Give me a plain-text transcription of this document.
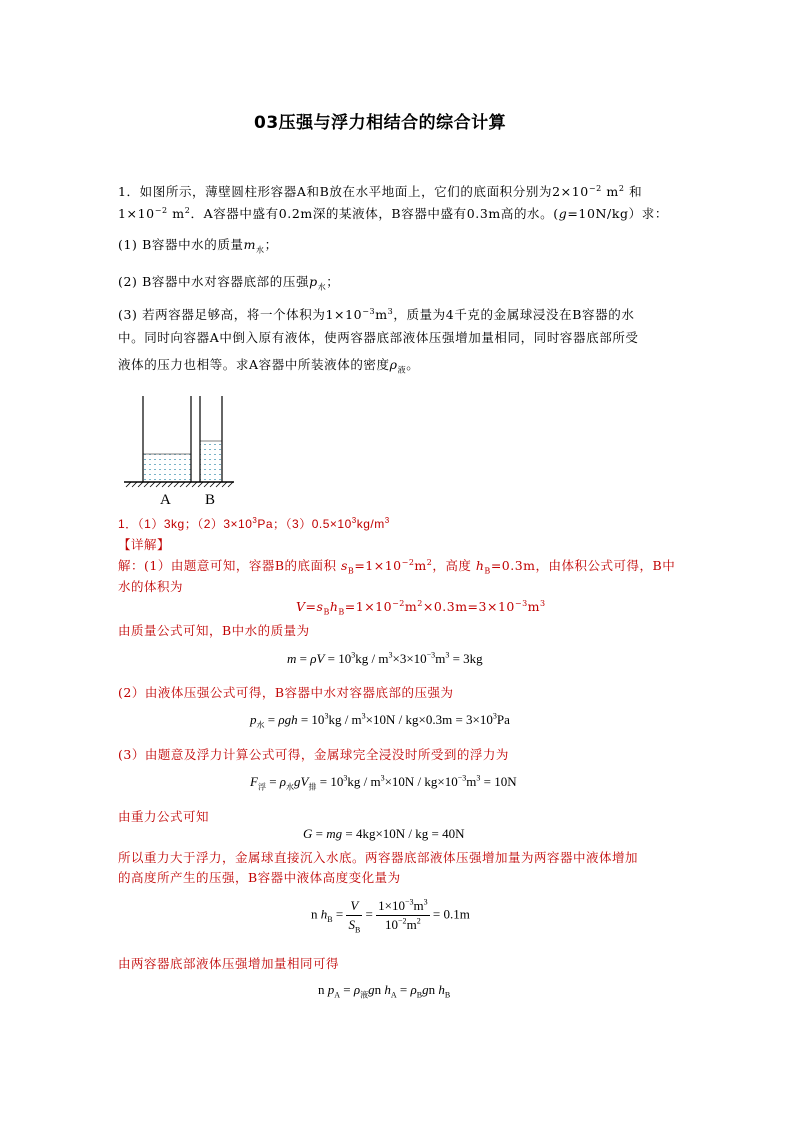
03压强与浮力相结合的综合计算
1．如图所示，薄壁圆柱形容器A和B放在水平地面上，它们的底面积分别为$2\times 10^{-2}$ $m^2$ 和
$1\times 10^{-2}$ $m^2$．A容器中盛有0.2m深的某液体，B容器中盛有0.3m高的水。(g=10N/kg）求：
(1) B容器中水的质量$m_水$；
(2) B容器中水对容器底部的压强$p_水$；
(3) 若两容器足够高，将一个体积为$1\times 10^{-3}m^3$，质量为4千克的金属球浸没在B容器的水
中。同时向容器A中倒入原有液体，使两容器底部液体压强增加量相同，同时容器底部所受
液体的压力也相等。求A容器中所装液体的密度$\rho_液$。
A B
1．（1）3kg；$(2)3\times 10^3Pa$；$(3)0.5\times 10^3kg/m^3$
【详解】
解：(1）由题意可知，容器B的底面积 $s_B=1\times 10^{-2}m^2$，高度 $h_B=0.3m$，由体积公式可得，B中
水的体积为
$V=s_Bh_B=1\times 10^{-2}m^2\times 0.3m=3\times 10^{-3}m^3$
由质量公式可知，B中水的质量为
$m = \rho V = 10^3kg / m^3\times 3\times 10^{-3}m^3 = 3kg$
(2）由液体压强公式可得，B容器中水对容器底部的压强为
$p_水 = \rho gh = 10^3kg / m^3\times 10N / kg\times 0.3m = 3\times 10^3Pa$
(3）由题意及浮力计算公式可得，金属球完全浸没时所受到的浮力为
$F_浮 = \rho_水gV_排 = 10^3kg / m^3\times 10N / kg\times 10^{-3}m^3 = 10N$
由重力公式可知
G = mg = 4kg×10N / kg = 40N
所以重力大于浮力，金属球直接沉入水底。两容器底部液体压强增加量为两容器中液体增加
的高度所产生的压强，B容器中液体高度变化量为
n $h_B = \frac{V}{S_B} = \frac{1\times 10^{-3}m^3}{10^{-2}m^2} = 0.1m$
由两容器底部液体压强增加量相同可得
n $p_A = \rho_液gn$ $h_A = \rho_Bgn$ $h_B$
